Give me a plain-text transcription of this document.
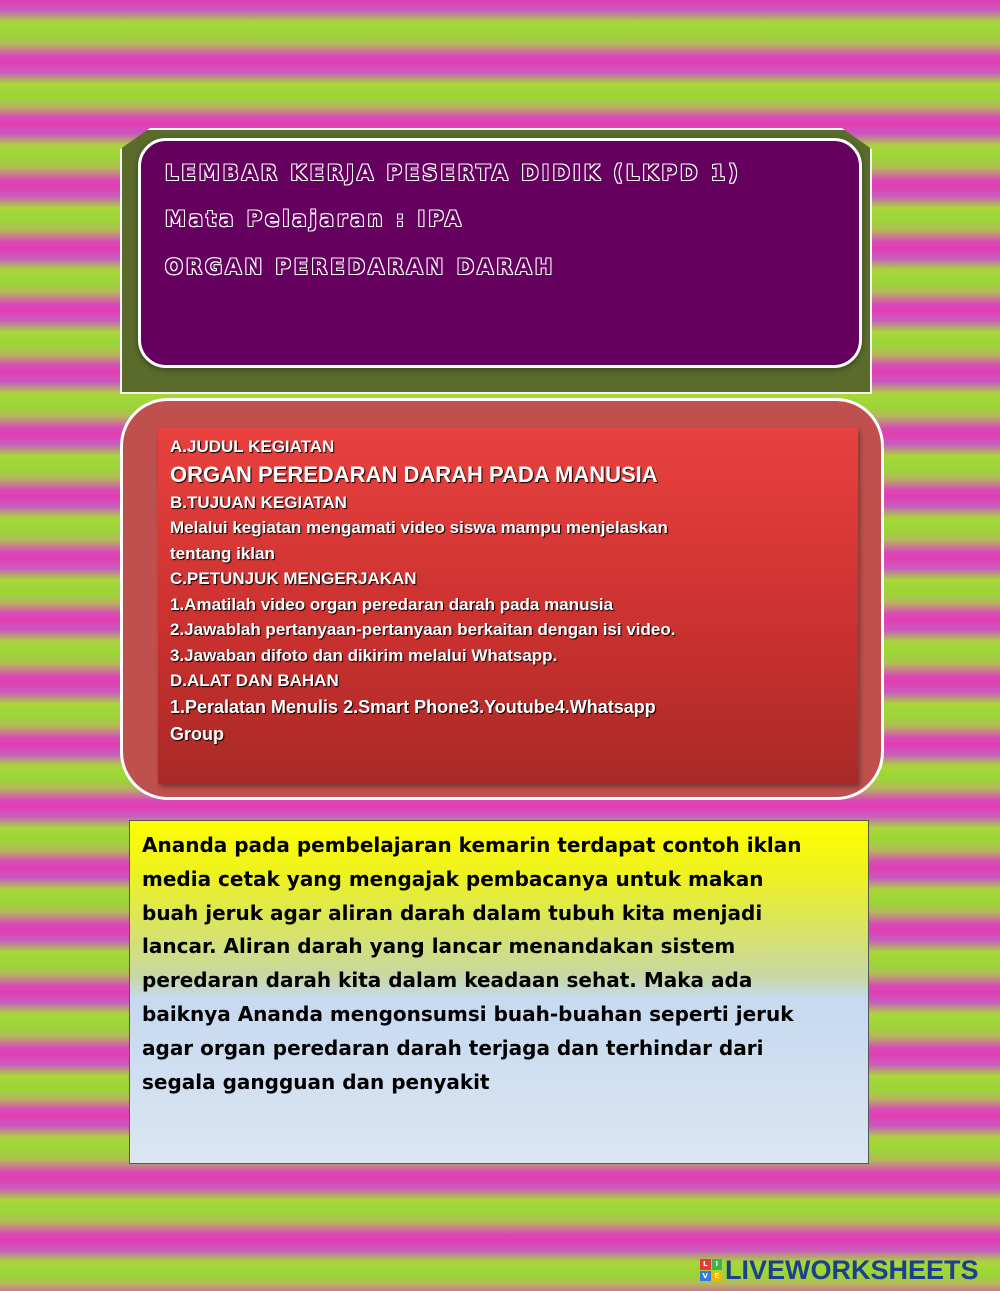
LEMBAR KERJA PESERTA DIDIK (LKPD 1)
Mata Pelajaran : IPA
ORGAN PEREDARAN DARAH
A.JUDUL KEGIATAN
ORGAN PEREDARAN DARAH PADA MANUSIA
B.TUJUAN KEGIATAN
Melalui kegiatan mengamati video siswa mampu menjelaskan
tentang iklan
C.PETUNJUK MENGERJAKAN
1.Amatilah video organ peredaran darah pada manusia
2.Jawablah pertanyaan-pertanyaan berkaitan dengan isi video.
3.Jawaban difoto dan dikirim melalui Whatsapp.
D.ALAT DAN BAHAN
1.Peralatan Menulis 2.Smart Phone3.Youtube4.Whatsapp
Group

Ananda pada pembelajaran kemarin terdapat contoh iklan

media cetak yang mengajak pembacanya untuk makan

buah jeruk agar aliran darah dalam tubuh kita menjadi

lancar. Aliran darah yang lancar menandakan sistem

peredaran darah kita dalam keadaan sehat. Maka ada

baiknya Ananda mengonsumsi buah-buahan seperti jeruk

agar organ peredaran darah terjaga dan terhindar dari

segala gangguan dan penyakit

L	I
V E LIVEWORKSHEETS
